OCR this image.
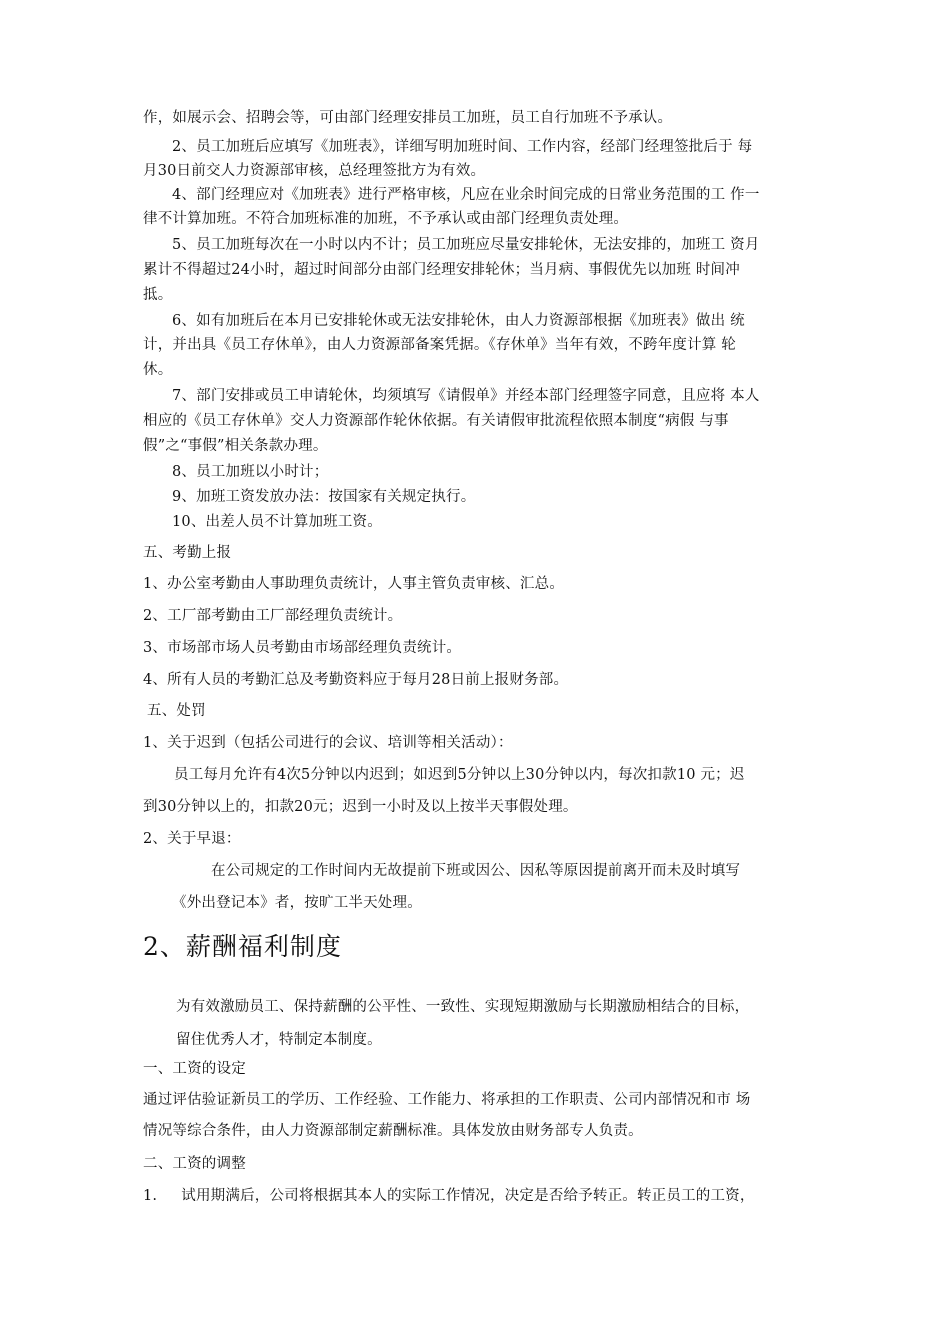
作，如展示会、招聘会等，可由部门经理安排员工加班，员工自行加班不予承认。
2、员工加班后应填写《加班表》，详细写明加班时间、工作内容，经部门经理签批后于 每
月30日前交人力资源部审核，总经理签批方为有效。
4、部门经理应对《加班表》进行严格审核，凡应在业余时间完成的日常业务范围的工 作一
律不计算加班。不符合加班标准的加班，不予承认或由部门经理负责处理。
5、员工加班每次在一小时以内不计；员工加班应尽量安排轮休，无法安排的，加班工 资月
累计不得超过24小时，超过时间部分由部门经理安排轮休；当月病、事假优先以加班 时间冲
抵。
6、如有加班后在本月已安排轮休或无法安排轮休，由人力资源部根据《加班表》做出 统
计，并出具《员工存休单》，由人力资源部备案凭据。《存休单》当年有效，不跨年度计算 轮
休。
7、部门安排或员工申请轮休，均须填写《请假单》并经本部门经理签字同意，且应将 本人
相应的《员工存休单》交人力资源部作轮休依据。有关请假审批流程依照本制度“病假 与事
假”之“事假”相关条款办理。
8、员工加班以小时计；
9、加班工资发放办法：按国家有关规定执行。
10、出差人员不计算加班工资。
五、考勤上报
1、办公室考勤由人事助理负责统计，人事主管负责审核、汇总。
2、工厂部考勤由工厂部经理负责统计。
3、市场部市场人员考勤由市场部经理负责统计。
4、所有人员的考勤汇总及考勤资料应于每月28日前上报财务部。
五、处罚
1、关于迟到（包括公司进行的会议、培训等相关活动）：
员工每月允许有4次5分钟以内迟到；如迟到5分钟以上30分钟以内，每次扣款10 元；迟
到30分钟以上的，扣款20元；迟到一小时及以上按半天事假处理。
2、关于早退：
在公司规定的工作时间内无故提前下班或因公、因私等原因提前离开而未及时填写
《外出登记本》者，按旷工半天处理。
2、薪酬福利制度
为有效激励员工、保持薪酬的公平性、一致性、实现短期激励与长期激励相结合的目标，
留住优秀人才，特制定本制度。
一、工资的设定
通过评估验证新员工的学历、工作经验、工作能力、将承担的工作职责、公司内部情况和市 场
情况等综合条件，由人力资源部制定薪酬标准。具体发放由财务部专人负责。
二、工资的调整
1.     试用期满后，公司将根据其本人的实际工作情况，决定是否给予转正。转正员工的工资，
